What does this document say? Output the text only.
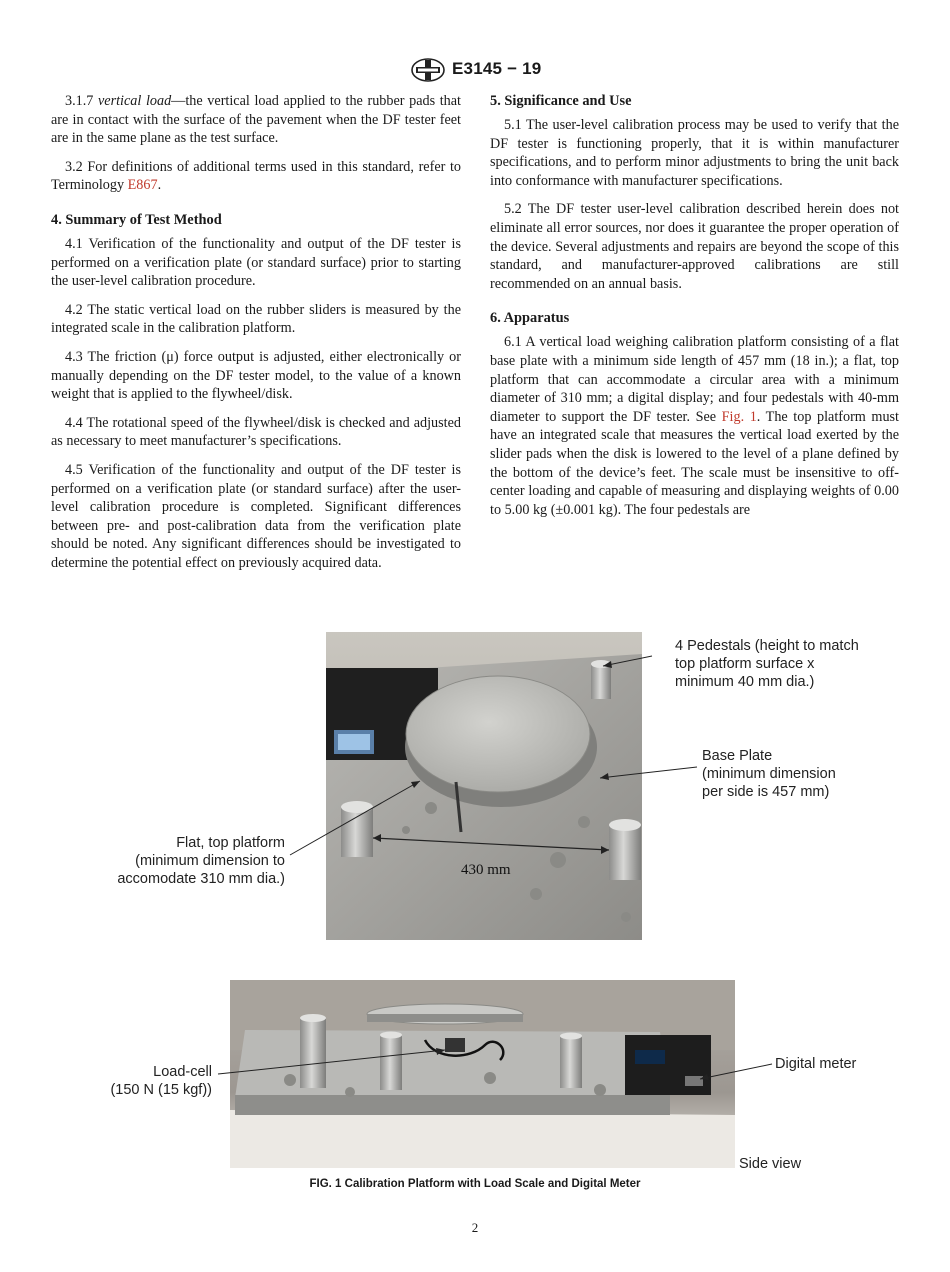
E3145 − 19

3.1.7 vertical load—the vertical load applied to the rubber pads that are in contact with the surface of the pavement when the DF tester feet are in the same plane as the test surface.

3.2 For definitions of additional terms used in this standard, refer to Terminology E867.

4. Summary of Test Method

4.1 Verification of the functionality and output of the DF tester is performed on a verification plate (or standard surface) prior to starting the user-level calibration procedure.

4.2 The static vertical load on the rubber sliders is measured by the integrated scale in the calibration platform.

4.3 The friction (μ) force output is adjusted, either electronically or manually depending on the DF tester model, to the value of a known weight that is applied to the flywheel/disk.

4.4 The rotational speed of the flywheel/disk is checked and adjusted as necessary to meet manufacturer’s specifications.

4.5 Verification of the functionality and output of the DF tester is performed on a verification plate (or standard surface) after the user-level calibration procedure is completed. Significant differences between pre- and post-calibration data from the verification plate should be noted. Any significant differences should be investigated to determine the potential effect on previously acquired data.

5. Significance and Use

5.1 The user-level calibration process may be used to verify that the DF tester is functioning properly, that it is within manufacturer specifications, and to perform minor adjustments to bring the unit back into conformance with manufacturer specifications.

5.2 The DF tester user-level calibration described herein does not eliminate all error sources, nor does it guarantee the proper operation of the device. Several adjustments and repairs are beyond the scope of this standard, and manufacturer-approved calibrations are still recommended on an annual basis.

6. Apparatus

6.1 A vertical load weighing calibration platform consisting of a flat base plate with a minimum side length of 457 mm (18 in.); a flat, top platform that can accommodate a circular area with a minimum diameter of 310 mm; a digital display; and four pedestals with 40-mm diameter to support the DF tester. See Fig. 1. The top platform must have an integrated scale that measures the vertical load exerted by the slider pads when the disk is lowered to the level of a plane defined by the bottom of the device’s feet. The scale must be insensitive to off-center loading and capable of measuring and displaying weights of 0.00 to 5.00 kg (±0.001 kg). The four pedestals are

430 mm
4 Pedestals (height to match
top platform surface x
minimum 40 mm dia.)
Base Plate
(minimum dimension
per side is 457 mm)
Flat, top platform
(minimum dimension to
accomodate 310 mm dia.)
Load-cell
(150 N (15 kgf))
Digital meter
Side view
FIG. 1 Calibration Platform with Load Scale and Digital Meter
2
